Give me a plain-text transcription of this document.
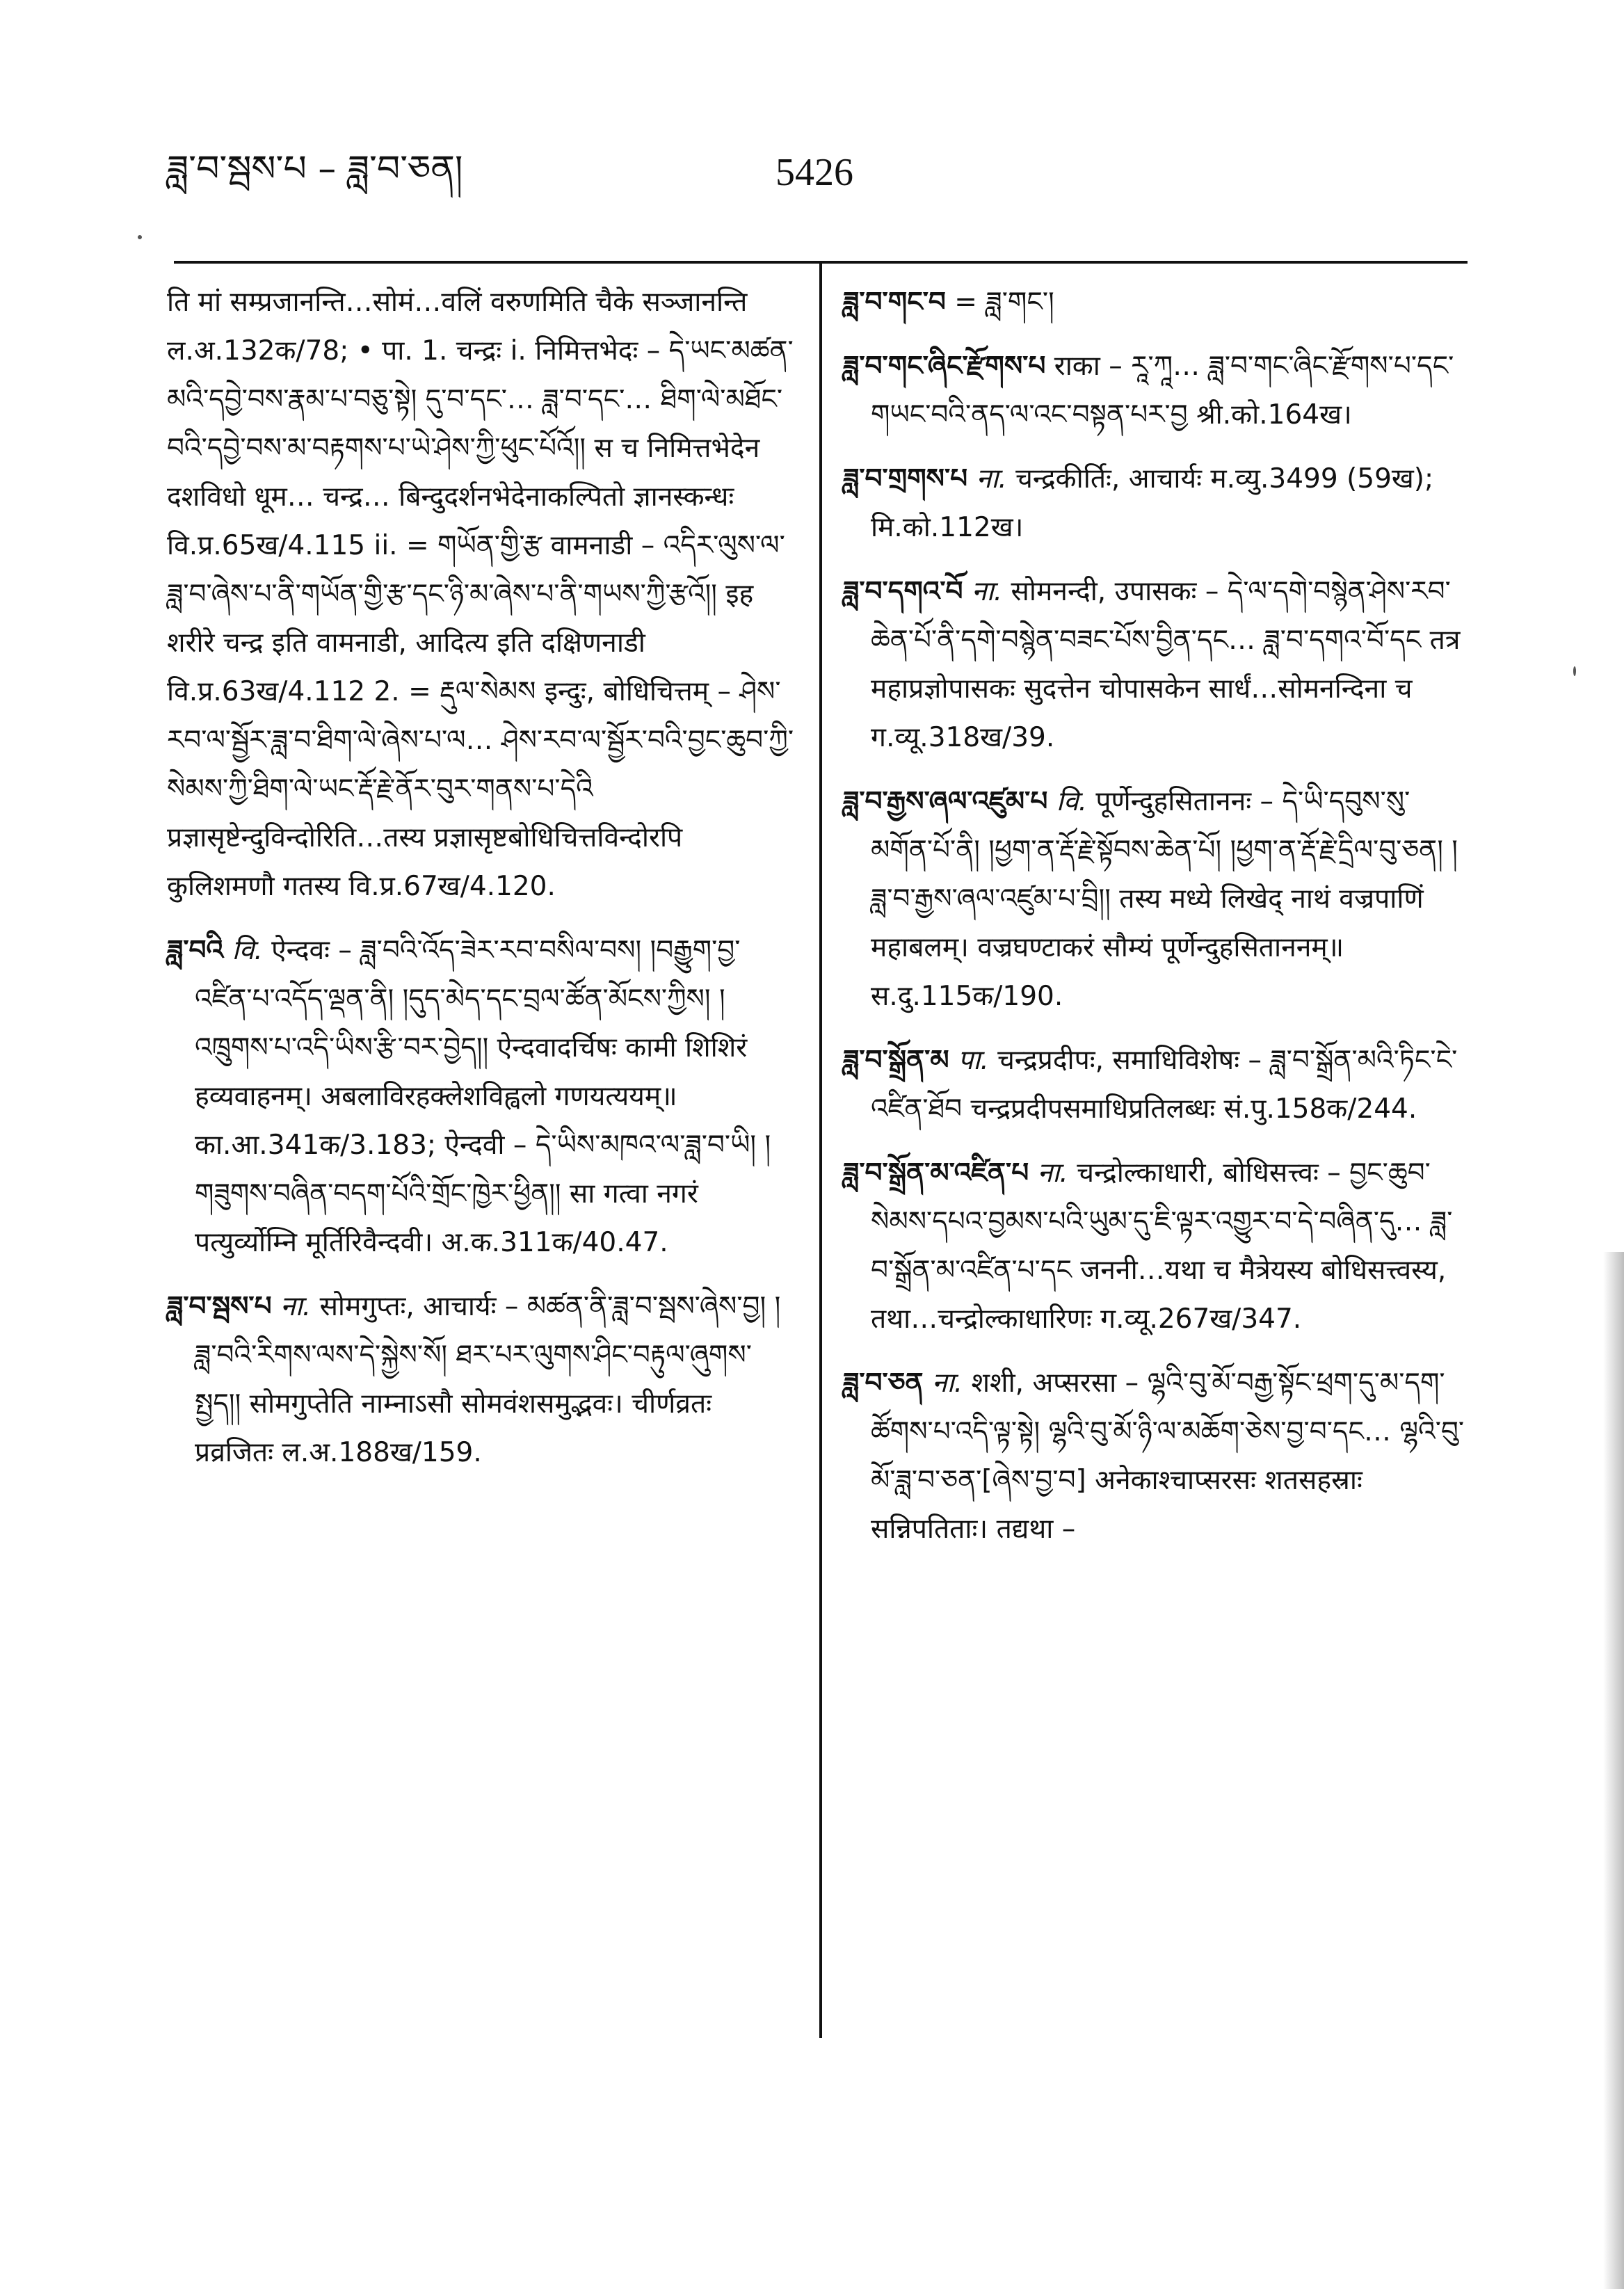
ཟླ་བ་སྦས་པ – ཟླ་བ་ཅན།	5426

ति मां सम्प्रजानन्ति…सोमं…वलिं वरुणमिति चैके सञ्जानन्ति ल.अ.132क/78; • पा. 1. चन्द्रः i. निमित्तभेदः – དེ་ཡང་མཚན་མའི་དབྱེ་བས་རྣམ་པ་བཅུ་སྟེ། དུ་བ་དང་… ཟླ་བ་དང་… ཐིག་ལེ་མཐོང་བའི་དབྱེ་བས་མ་བརྟགས་པ་ཡེ་ཤེས་ཀྱི་ཕུང་པོའོ།། स च निमित्तभेदेन दशविधो धूम… चन्द्र… बिन्दुदर्शनभेदेनाकल्पितो ज्ञानस्कन्धः वि.प्र.65ख/4.115 ii. = གཡོན་གྱི་རྩ वामनाडी – འདིར་ལུས་ལ་ཟླ་བ་ཞེས་པ་ནི་གཡོན་གྱི་རྩ་དང་ཉི་མ་ཞེས་པ་ནི་གཡས་ཀྱི་རྩའོ།། इह शरीरे चन्द्र इति वामनाडी, आदित्य इति दक्षिणनाडी वि.प्र.63ख/4.112 2. = རྡུལ་སེམས इन्दुः, बोधिचित्तम् – ཤེས་རབ་ལ་སྦྱོར་ཟླ་བ་ཐིག་ལེ་ཞེས་པ་ལ… ཤེས་རབ་ལ་སྦྱོར་བའི་བྱང་ཆུབ་ཀྱི་སེམས་ཀྱི་ཐིག་ལེ་ཡང་རྡོ་རྗེ་ནོར་བུར་གནས་པ་དེའི प्रज्ञासृष्टेन्दुविन्दोरिति…तस्य प्रज्ञासृष्टबोधिचित्तविन्दोरपि कुलिशमणौ गतस्य वि.प्र.67ख/4.120.

ཟླ་བའི वि. ऐन्दवः – ཟླ་བའི་འོད་ཟེར་རབ་བསིལ་བས། །བརྒྱུག་བྱ་འཛིན་པ་འདོད་ལྡན་ནི། །དུད་མེད་དང་བྲལ་ཚོན་མོངས་ཀྱིས། །འཁྲུགས་པ་འདི་ཡིས་རྩི་བར་བྱེད།། ऐन्दवादर्चिषः कामी शिशिरं हव्यवाहनम्। अबलाविरहक्लेशविह्वलो गणयत्ययम्॥ का.आ.341क/3.183; ऐन्दवी – དེ་ཡིས་མཁའ་ལ་ཟླ་བ་ཡི། །གཟུགས་བཞིན་བདག་པོའི་གྲོང་ཁྱེར་ཕྱིན།། सा गत्वा नगरं पत्युर्व्योम्नि मूर्तिरिवैन्दवी। अ.क.311क/40.47.

ཟླ་བ་སྦས་པ ना. सोमगुप्तः, आचार्यः – མཚན་ནི་ཟླ་བ་སྦས་ཞེས་བྱ། །ཟླ་བའི་རིགས་ལས་དེ་སྐྱེས་སོ། ཐར་པར་ལུགས་ཤིང་བརྟུལ་ཞུགས་སྤྱད།། सोमगुप्तेति नाम्नाऽसौ सोमवंशसमुद्भवः। चीर्णव्रतः प्रव्रजितः ल.अ.188ख/159.

ཟླ་བ་གང་བ = ཟླ་གང་།

ཟླ་བ་གང་ཞིང་རྫོགས་པ राका – རཱ་ཀཱ… ཟླ་བ་གང་ཞིང་རྫོགས་པ་དང་གཡང་བའི་ནད་ལ་འང་བསྟན་པར་བྱ श्री.को.164ख।

ཟླ་བ་གྲགས་པ ना. चन्द्रकीर्तिः, आचार्यः म.व्यु.3499 (59ख); मि.को.112ख।

ཟླ་བ་དགའ་བོ ना. सोमनन्दी, उपासकः – དེ་ལ་དགེ་བསྙེན་ཤེས་རབ་ཆེན་པོ་ནི་དགེ་བསྙེན་བཟང་པོས་བྱིན་དང… ཟླ་བ་དགའ་བོ་དང तत्र महाप्रज्ञोपासकः सुदत्तेन चोपासकेन सार्धं…सोमनन्दिना च ग.व्यू.318ख/39.

ཟླ་བ་རྒྱས་ཞལ་འཛུམ་པ वि. पूर्णेन्दुहसिताननः – དེ་ཡི་དབུས་སུ་མགོན་པོ་ནི། །ཕྱག་ན་རྡོ་རྗེ་སྟོབས་ཆེན་པོ། །ཕྱག་ན་རྡོ་རྗེ་དྲིལ་བུ་ཅན། །ཟླ་བ་རྒྱས་ཞལ་འཛུམ་པ་བྲི།། तस्य मध्ये लिखेद् नाथं वज्रपाणिं महाबलम्। वज्रघण्टाकरं सौम्यं पूर्णेन्दुहसिताननम्॥ स.दु.115क/190.

ཟླ་བ་སྒྲོན་མ पा. चन्द्रप्रदीपः, समाधिविशेषः – ཟླ་བ་སྒྲོན་མའི་ཏིང་ངེ་འཛིན་ཐོབ चन्द्रप्रदीपसमाधिप्रतिलब्धः सं.पु.158क/244.

ཟླ་བ་སྒྲོན་མ་འཛིན་པ ना. चन्द्रोल्काधारी, बोधिसत्त्वः – བྱང་ཆུབ་སེམས་དཔའ་བྱམས་པའི་ཡུམ་དུ་ཇི་ལྟར་འགྱུར་བ་དེ་བཞིན་དུ… ཟླ་བ་སྒྲོན་མ་འཛིན་པ་དང जननी…यथा च मैत्रेयस्य बोधिसत्त्वस्य, तथा…चन्द्रोल्काधारिणः ग.व्यू.267ख/347.

ཟླ་བ་ཅན ना. शशी, अप्सरसा – ལྷའི་བུ་མོ་བརྒྱ་སྟོང་ཕྲག་དུ་མ་དག་ཚོགས་པ་འདི་ལྟ་སྟེ། ལྷའི་བུ་མོ་ཉི་ལ་མཆོག་ཅེས་བྱ་བ་དང… ལྷའི་བུ་མོ་ཟླ་བ་ཅན་[ཞེས་བྱ་བ] अनेकाश्चाप्सरसः शतसहस्राः सन्निपतिताः। तद्यथा –
